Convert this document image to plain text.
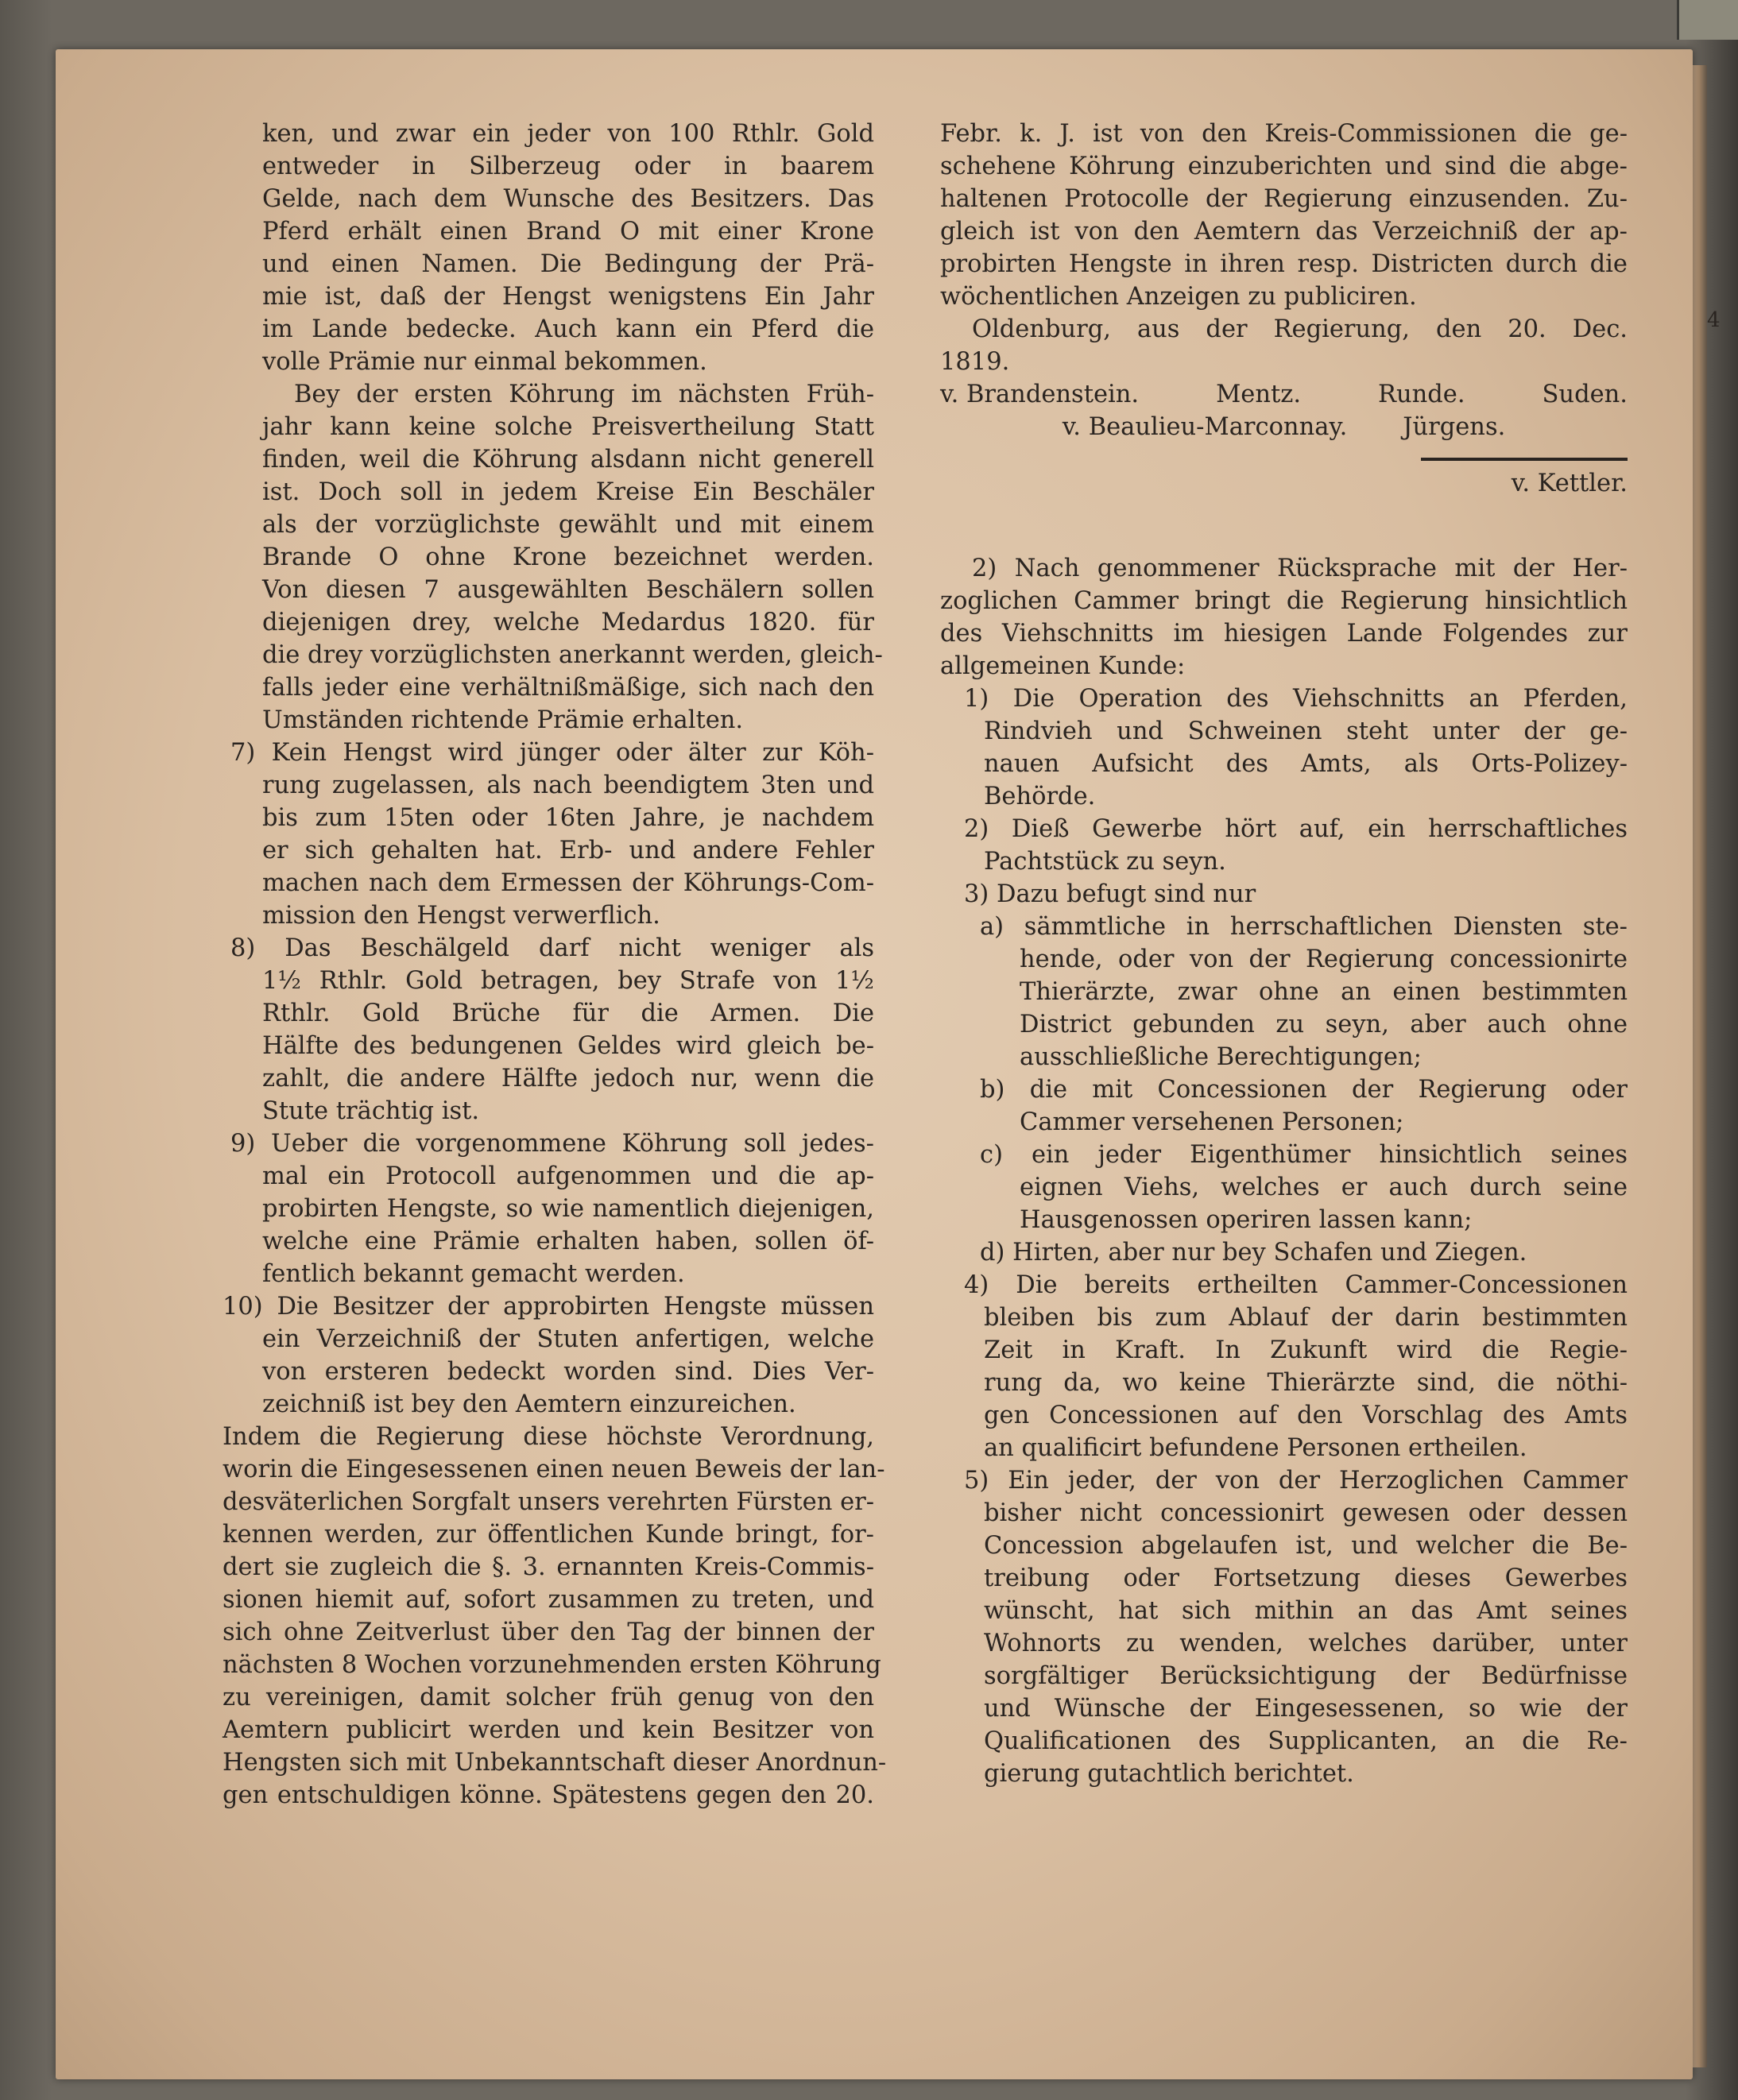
ken, und zwar ein jeder von 100 Rthlr. Gold
entweder in Silberzeug oder in baarem
Gelde, nach dem Wunsche des Besitzers. Das
Pferd erhält einen Brand O mit einer Krone
und einen Namen. Die Bedingung der Prä-
mie ist, daß der Hengst wenigstens Ein Jahr
im Lande bedecke. Auch kann ein Pferd die
volle Prämie nur einmal bekommen.
Bey der ersten Köhrung im nächsten Früh-
jahr kann keine solche Preisvertheilung Statt
finden, weil die Köhrung alsdann nicht generell
ist. Doch soll in jedem Kreise Ein Beschäler
als der vorzüglichste gewählt und mit einem
Brande O ohne Krone bezeichnet werden.
Von diesen 7 ausgewählten Beschälern sollen
diejenigen drey, welche Medardus 1820. für
die drey vorzüglichsten anerkannt werden, gleich-
falls jeder eine verhältnißmäßige, sich nach den
Umständen richtende Prämie erhalten.
7) Kein Hengst wird jünger oder älter zur Köh-
rung zugelassen, als nach beendigtem 3ten und
bis zum 15ten oder 16ten Jahre, je nachdem
er sich gehalten hat. Erb- und andere Fehler
machen nach dem Ermessen der Köhrungs-Com-
mission den Hengst verwerflich.
8) Das Beschälgeld darf nicht weniger als
1½ Rthlr. Gold betragen, bey Strafe von 1½
Rthlr. Gold Brüche für die Armen. Die
Hälfte des bedungenen Geldes wird gleich be-
zahlt, die andere Hälfte jedoch nur, wenn die
Stute trächtig ist.
9) Ueber die vorgenommene Köhrung soll jedes-
mal ein Protocoll aufgenommen und die ap-
probirten Hengste, so wie namentlich diejenigen,
welche eine Prämie erhalten haben, sollen öf-
fentlich bekannt gemacht werden.
10) Die Besitzer der approbirten Hengste müssen
ein Verzeichniß der Stuten anfertigen, welche
von ersteren bedeckt worden sind. Dies Ver-
zeichniß ist bey den Aemtern einzureichen.
Indem die Regierung diese höchste Verordnung,
worin die Eingesessenen einen neuen Beweis der lan-
desväterlichen Sorgfalt unsers verehrten Fürsten er-
kennen werden, zur öffentlichen Kunde bringt, for-
dert sie zugleich die §. 3. ernannten Kreis-Commis-
sionen hiemit auf, sofort zusammen zu treten, und
sich ohne Zeitverlust über den Tag der binnen der
nächsten 8 Wochen vorzunehmenden ersten Köhrung
zu vereinigen, damit solcher früh genug von den
Aemtern publicirt werden und kein Besitzer von
Hengsten sich mit Unbekanntschaft dieser Anordnun-
gen entschuldigen könne. Spätestens gegen den 20.
Febr. k. J. ist von den Kreis-Commissionen die ge-
schehene Köhrung einzuberichten und sind die abge-
haltenen Protocolle der Regierung einzusenden. Zu-
gleich ist von den Aemtern das Verzeichniß der ap-
probirten Hengste in ihren resp. Districten durch die
wöchentlichen Anzeigen zu publiciren.
Oldenburg, aus der Regierung, den 20. Dec.
1819.
v. Brandenstein.	Mentz.	Runde.	Suden.
v. Beaulieu-Marconnay. Jürgens.
v. Kettler.
2) Nach genommener Rücksprache mit der Her-
zoglichen Cammer bringt die Regierung hinsichtlich
des Viehschnitts im hiesigen Lande Folgendes zur
allgemeinen Kunde:
1) Die Operation des Viehschnitts an Pferden,
Rindvieh und Schweinen steht unter der ge-
nauen Aufsicht des Amts, als Orts-Polizey-
Behörde.
2) Dieß Gewerbe hört auf, ein herrschaftliches
Pachtstück zu seyn.
3) Dazu befugt sind nur
a) sämmtliche in herrschaftlichen Diensten ste-
hende, oder von der Regierung concessionirte
Thierärzte, zwar ohne an einen bestimmten
District gebunden zu seyn, aber auch ohne
ausschließliche Berechtigungen;
b) die mit Concessionen der Regierung oder
Cammer versehenen Personen;
c) ein jeder Eigenthümer hinsichtlich seines
eignen Viehs, welches er auch durch seine
Hausgenossen operiren lassen kann;
d) Hirten, aber nur bey Schafen und Ziegen.
4) Die bereits ertheilten Cammer-Concessionen
bleiben bis zum Ablauf der darin bestimmten
Zeit in Kraft. In Zukunft wird die Regie-
rung da, wo keine Thierärzte sind, die nöthi-
gen Concessionen auf den Vorschlag des Amts
an qualificirt befundene Personen ertheilen.
5) Ein jeder, der von der Herzoglichen Cammer
bisher nicht concessionirt gewesen oder dessen
Concession abgelaufen ist, und welcher die Be-
treibung oder Fortsetzung dieses Gewerbes
wünscht, hat sich mithin an das Amt seines
Wohnorts zu wenden, welches darüber, unter
sorgfältiger Berücksichtigung der Bedürfnisse
und Wünsche der Eingesessenen, so wie der
Qualificationen des Supplicanten, an die Re-
gierung gutachtlich berichtet.
4
